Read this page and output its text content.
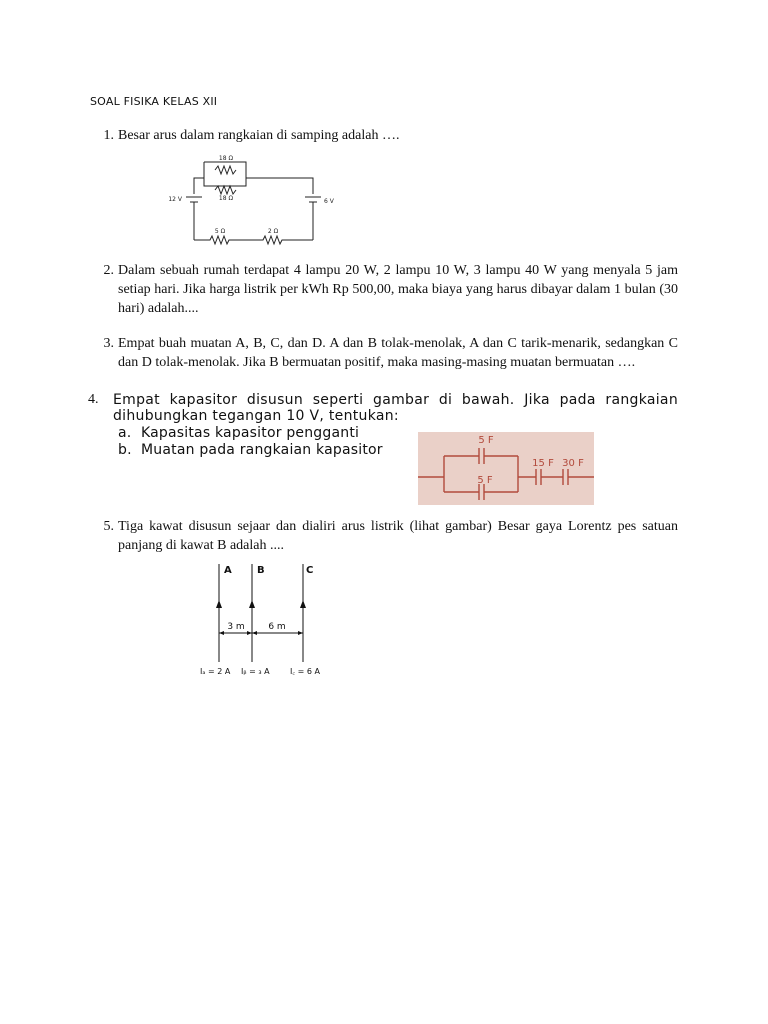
SOAL FISIKA KELAS XII
1. Besar arus dalam rangkaian di samping adalah ….
18 Ω
18 Ω
12 V	6 V
5 Ω	2 Ω
2. Dalam sebuah rumah terdapat 4 lampu 20 W, 2 lampu 10 W, 3 lampu 40 W yang menyala 5 jam setiap hari. Jika harga listrik per kWh Rp 500,00, maka biaya yang harus dibayar dalam 1 bulan (30 hari) adalah....
3. Empat buah muatan A, B, C, dan D. A dan B tolak-menolak, A dan C tarik-menarik, sedangkan C dan D tolak-menolak. Jika B bermuatan positif, maka masing-masing muatan bermuatan ….
4. Empat kapasitor disusun seperti gambar di bawah. Jika pada rangkaian dihubungkan tegangan 10 V, tentukan:
a. Kapasitas kapasitor pengganti
b. Muatan pada rangkaian kapasitor
5 F
5 F
15 F 30 F
5. Tiga kawat disusun sejaar dan dialiri arus listrik (lihat gambar) Besar gaya Lorentz pes satuan panjang di kawat B adalah ....
A	B	C
3 m	6 m
Iₐ = 2 A Iᵦ = ₃ A	I꜀ = 6 A
